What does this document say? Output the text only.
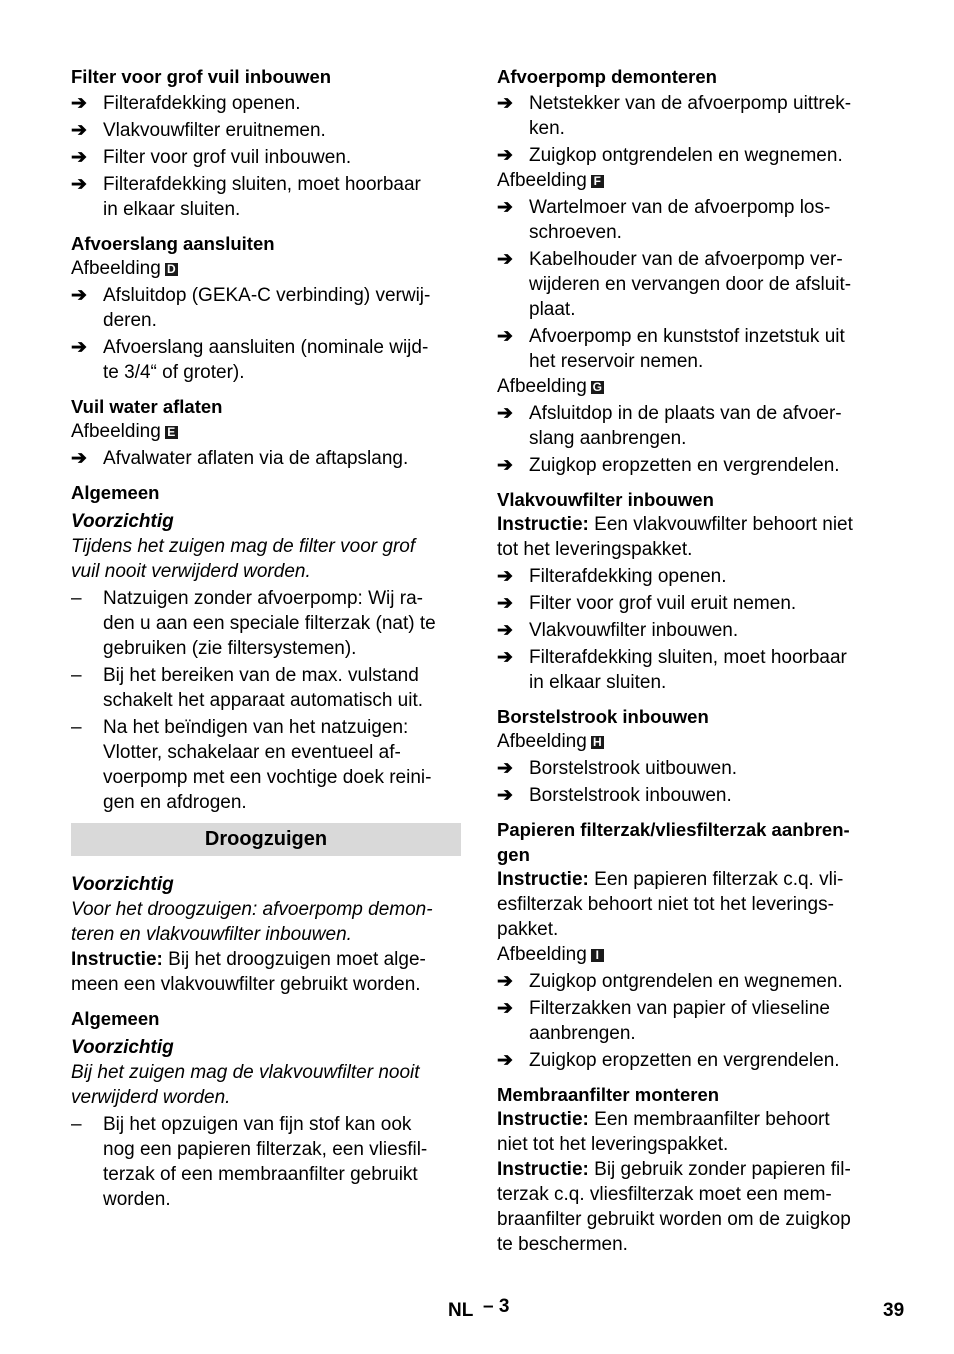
Filter voor grof vuil inbouwen
➔ Filterafdekking openen.
➔ Vlakvouwfilter eruitnemen.
➔ Filter voor grof vuil inbouwen.
➔ Filterafdekking sluiten, moet hoorbaar
in elkaar sluiten.
Afvoerslang aansluiten
Afbeelding D
➔ Afsluitdop (GEKA-C verbinding) verwij-
deren.
➔ Afvoerslang aansluiten (nominale wijd-
te 3/4“ of groter).
Vuil water aflaten
Afbeelding E
➔ Afvalwater aflaten via de aftapslang.
Algemeen
Voorzichtig
Tijdens het zuigen mag de filter voor grof
vuil nooit verwijderd worden.
– Natzuigen zonder afvoerpomp: Wij ra-
den u aan een speciale filterzak (nat) te
gebruiken (zie filtersystemen).
– Bij het bereiken van de max. vulstand
schakelt het apparaat automatisch uit.
– Na het beïndigen van het natzuigen:
Vlotter, schakelaar en eventueel af-
voerpomp met een vochtige doek reini-
gen en afdrogen.
Droogzuigen
Voorzichtig
Voor het droogzuigen: afvoerpomp demon-
teren en vlakvouwfilter inbouwen.
Instructie: Bij het droogzuigen moet alge-
meen een vlakvouwfilter gebruikt worden.
Algemeen
Voorzichtig
Bij het zuigen mag de vlakvouwfilter nooit
verwijderd worden.
– Bij het opzuigen van fijn stof kan ook
nog een papieren filterzak, een vliesfil-
terzak of een membraanfilter gebruikt
worden.
Afvoerpomp demonteren
➔ Netstekker van de afvoerpomp uittrek-
ken.
➔ Zuigkop ontgrendelen en wegnemen.
Afbeelding F
➔ Wartelmoer van de afvoerpomp los-
schroeven.
➔ Kabelhouder van de afvoerpomp ver-
wijderen en vervangen door de afsluit-
plaat.
➔ Afvoerpomp en kunststof inzetstuk uit
het reservoir nemen.
Afbeelding G
➔ Afsluitdop in de plaats van de afvoer-
slang aanbrengen.
➔ Zuigkop eropzetten en vergrendelen.
Vlakvouwfilter inbouwen
Instructie: Een vlakvouwfilter behoort niet
tot het leveringspakket.
➔ Filterafdekking openen.
➔ Filter voor grof vuil eruit nemen.
➔ Vlakvouwfilter inbouwen.
➔ Filterafdekking sluiten, moet hoorbaar
in elkaar sluiten.
Borstelstrook inbouwen
Afbeelding H
➔ Borstelstrook uitbouwen.
➔ Borstelstrook inbouwen.
Papieren filterzak/vliesfilterzak aanbren-
gen
Instructie: Een papieren filterzak c.q. vli-
esfilterzak behoort niet tot het leverings-
pakket.
Afbeelding I
➔ Zuigkop ontgrendelen en wegnemen.
➔ Filterzakken van papier of vlieseline
aanbrengen.
➔ Zuigkop eropzetten en vergrendelen.
Membraanfilter monteren
Instructie: Een membraanfilter behoort
niet tot het leveringspakket.
Instructie: Bij gebruik zonder papieren fil-
terzak c.q. vliesfilterzak moet een mem-
braanfilter gebruikt worden om de zuigkop
te beschermen.
NL – 3	39
